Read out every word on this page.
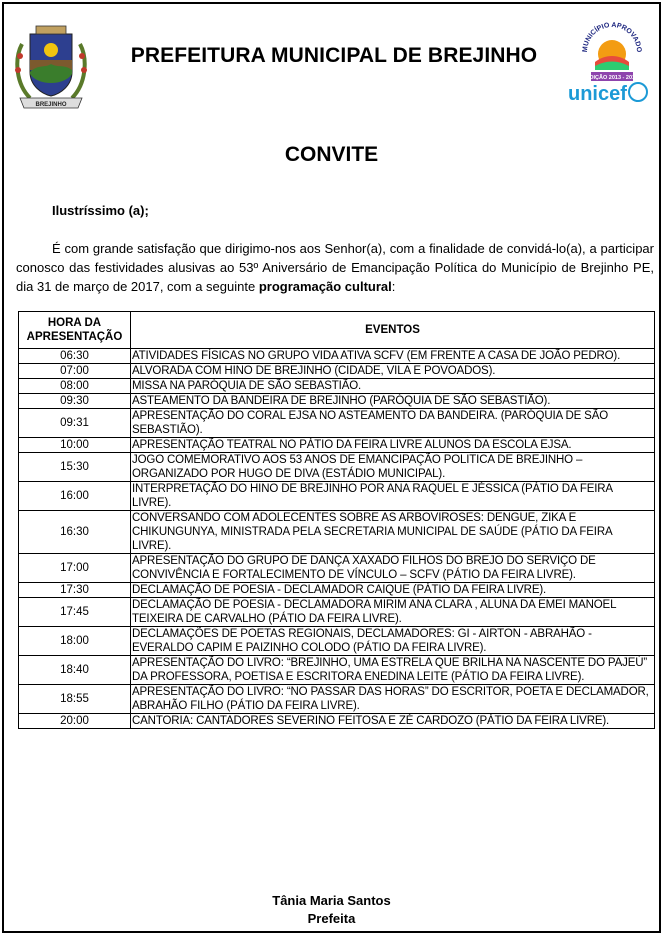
BREJINHO
PREFEITURA MUNICIPAL DE BREJINHO	MUNICÍPIO APROVADO
EDIÇÃO 2013 - 2016
unicef
CONVITE
Ilustríssimo (a);
É com grande satisfação que dirigimo-nos aos Senhor(a), com a finalidade de convidá-lo(a), a participar conosco das festividades alusivas ao 53º Aniversário de Emancipação Política do Município de Brejinho PE, dia 31 de março de 2017, com a seguinte programação cultural:
HORA DA APRESENTAÇÃO	EVENTOS
06:30	ATIVIDADES FÍSICAS NO GRUPO VIDA ATIVA SCFV (EM FRENTE A CASA DE JOÃO PEDRO).
07:00	ALVORADA COM HINO DE BREJINHO (CIDADE, VILA E POVOADOS).
08:00	MISSA NA PARÓQUIA DE SÃO SEBASTIÃO.
09:30	ASTEAMENTO DA BANDEIRA DE BREJINHO (PARÓQUIA DE SÃO SEBASTIÃO).
09:31	APRESENTAÇÃO DO CORAL EJSA NO ASTEAMENTO DA BANDEIRA. (PARÓQUIA DE SÃO SEBASTIÃO).
10:00	APRESENTAÇÃO TEATRAL NO PÁTIO DA FEIRA LIVRE ALUNOS DA ESCOLA EJSA.
15:30	JOGO COMEMORATIVO AOS 53 ANOS DE EMANCIPAÇÃO POLITICA DE BREJINHO – ORGANIZADO POR HUGO DE DIVA (ESTÁDIO MUNICIPAL).
16:00	INTERPRETAÇÃO DO HINO DE BREJINHO POR ANA RAQUEL E JÉSSICA (PÁTIO DA FEIRA LIVRE).
16:30	CONVERSANDO COM ADOLECENTES SOBRE AS ARBOVIROSES: DENGUE, ZIKA E CHIKUNGUNYA, MINISTRADA PELA SECRETARIA MUNICIPAL DE SAÚDE (PÁTIO DA FEIRA LIVRE).
17:00	APRESENTAÇÃO DO GRUPO DE DANÇA XAXADO FILHOS DO BREJO DO SERVIÇO DE CONVIVÊNCIA E FORTALECIMENTO DE VÍNCULO – SCFV (PÁTIO DA FEIRA LIVRE).
17:30	DECLAMAÇÃO DE POESIA - DECLAMADOR CAIQUE (PÁTIO DA FEIRA LIVRE).
17:45	DECLAMAÇÃO DE POESIA - DECLAMADORA MIRIM ANA CLARA , ALUNA DA EMEI MANOEL TEIXEIRA DE CARVALHO (PÁTIO DA FEIRA LIVRE).
18:00	DECLAMAÇÕES DE POETAS REGIONAIS, DECLAMADORES: GI - AIRTON - ABRAHÃO - EVERALDO CAPIM E PAIZINHO COLODO (PÁTIO DA FEIRA LIVRE).
18:40	APRESENTAÇÃO DO LIVRO: “BREJINHO, UMA ESTRELA QUE BRILHA NA NASCENTE DO PAJEÚ” DA PROFESSORA, POETISA E ESCRITORA ENEDINA LEITE (PÁTIO DA FEIRA LIVRE).
18:55	APRESENTAÇÃO DO LIVRO: “NO PASSAR DAS HORAS” DO ESCRITOR, POETA E DECLAMADOR, ABRAHÃO FILHO (PÁTIO DA FEIRA LIVRE).
20:00	CANTORIA: CANTADORES SEVERINO FEITOSA E ZÉ CARDOZO (PÁTIO DA FEIRA LIVRE).
Tânia Maria Santos
Prefeita
